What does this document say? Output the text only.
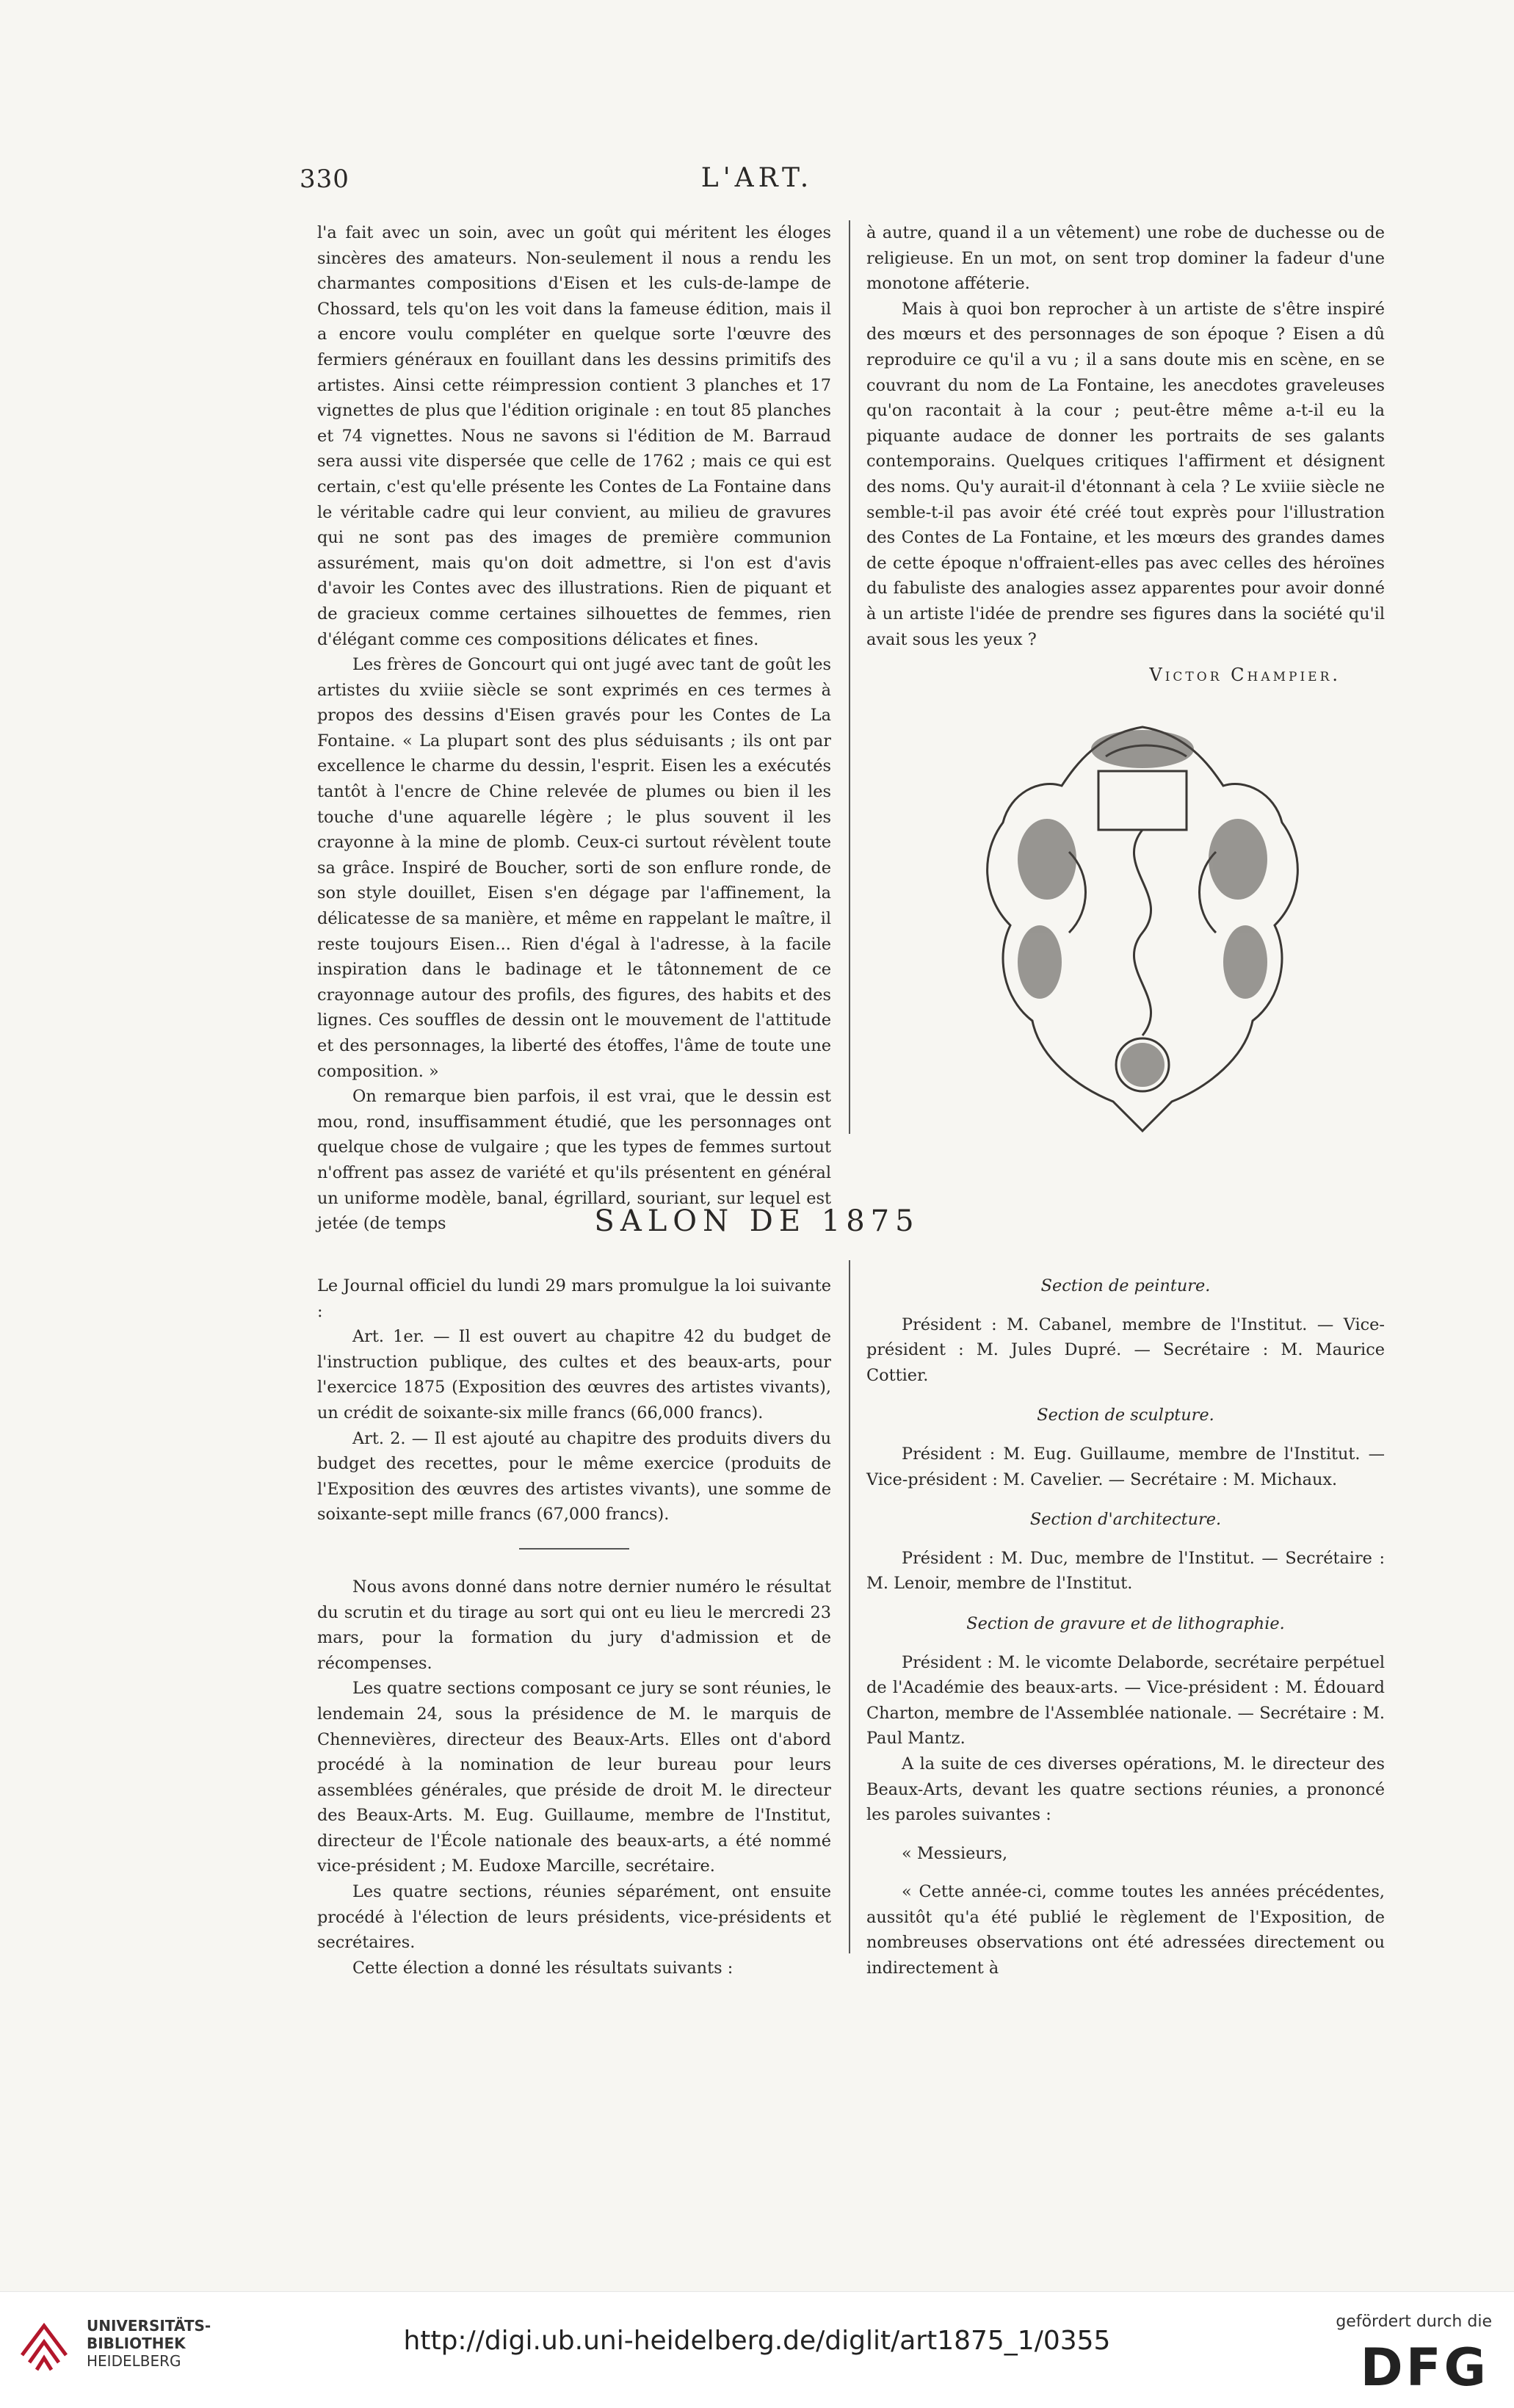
330	L'ART.

l'a fait avec un soin, avec un goût qui méritent les éloges sincères des amateurs. Non-seulement il nous a rendu les charmantes compositions d'Eisen et les culs-de-lampe de Chossard, tels qu'on les voit dans la fameuse édition, mais il a encore voulu compléter en quelque sorte l'œuvre des fermiers généraux en fouillant dans les dessins primitifs des artistes. Ainsi cette réimpression contient 3 planches et 17 vignettes de plus que l'édition originale : en tout 85 planches et 74 vignettes. Nous ne savons si l'édition de M. Barraud sera aussi vite dispersée que celle de 1762 ; mais ce qui est certain, c'est qu'elle présente les Contes de La Fontaine dans le véritable cadre qui leur convient, au milieu de gravures qui ne sont pas des images de première communion assurément, mais qu'on doit admettre, si l'on est d'avis d'avoir les Contes avec des illustrations. Rien de piquant et de gracieux comme certaines silhouettes de femmes, rien d'élégant comme ces compositions délicates et fines.

Les frères de Goncourt qui ont jugé avec tant de goût les artistes du xviiie siècle se sont exprimés en ces termes à propos des dessins d'Eisen gravés pour les Contes de La Fontaine. « La plupart sont des plus séduisants ; ils ont par excellence le charme du dessin, l'esprit. Eisen les a exécutés tantôt à l'encre de Chine relevée de plumes ou bien il les touche d'une aquarelle légère ; le plus souvent il les crayonne à la mine de plomb. Ceux-ci surtout révèlent toute sa grâce. Inspiré de Boucher, sorti de son enflure ronde, de son style douillet, Eisen s'en dégage par l'affinement, la délicatesse de sa manière, et même en rappelant le maître, il reste toujours Eisen... Rien d'égal à l'adresse, à la facile inspiration dans le badinage et le tâtonnement de ce crayonnage autour des profils, des figures, des habits et des lignes. Ces souffles de dessin ont le mouvement de l'attitude et des personnages, la liberté des étoffes, l'âme de toute une composition. »

On remarque bien parfois, il est vrai, que le dessin est mou, rond, insuffisamment étudié, que les personnages ont quelque chose de vulgaire ; que les types de femmes surtout n'offrent pas assez de variété et qu'ils présentent en général un uniforme modèle, banal, égrillard, souriant, sur lequel est jetée (de temps

à autre, quand il a un vêtement) une robe de duchesse ou de religieuse. En un mot, on sent trop dominer la fadeur d'une monotone afféterie.

Mais à quoi bon reprocher à un artiste de s'être inspiré des mœurs et des personnages de son époque ? Eisen a dû reproduire ce qu'il a vu ; il a sans doute mis en scène, en se couvrant du nom de La Fontaine, les anecdotes graveleuses qu'on racontait à la cour ; peut-être même a-t-il eu la piquante audace de donner les portraits de ses galants contemporains. Quelques critiques l'affirment et désignent des noms. Qu'y aurait-il d'étonnant à cela ? Le xviiie siècle ne semble-t-il pas avoir été créé tout exprès pour l'illustration des Contes de La Fontaine, et les mœurs des grandes dames de cette époque n'offraient-elles pas avec celles des héroïnes du fabuliste des analogies assez apparentes pour avoir donné à un artiste l'idée de prendre ses figures dans la société qu'il avait sous les yeux ?

Victor Champier.
SALON DE 1875

Le Journal officiel du lundi 29 mars promulgue la loi suivante :

Art. 1er. — Il est ouvert au chapitre 42 du budget de l'instruction publique, des cultes et des beaux-arts, pour l'exercice 1875 (Exposition des œuvres des artistes vivants), un crédit de soixante-six mille francs (66,000 francs).

Art. 2. — Il est ajouté au chapitre des produits divers du budget des recettes, pour le même exercice (produits de l'Exposition des œuvres des artistes vivants), une somme de soixante-sept mille francs (67,000 francs).

Nous avons donné dans notre dernier numéro le résultat du scrutin et du tirage au sort qui ont eu lieu le mercredi 23 mars, pour la formation du jury d'admission et de récompenses.

Les quatre sections composant ce jury se sont réunies, le lendemain 24, sous la présidence de M. le marquis de Chennevières, directeur des Beaux-Arts. Elles ont d'abord procédé à la nomination de leur bureau pour leurs assemblées générales, que préside de droit M. le directeur des Beaux-Arts. M. Eug. Guillaume, membre de l'Institut, directeur de l'École nationale des beaux-arts, a été nommé vice-président ; M. Eudoxe Marcille, secrétaire.

Les quatre sections, réunies séparément, ont ensuite procédé à l'élection de leurs présidents, vice-présidents et secrétaires.

Cette élection a donné les résultats suivants :

Section de peinture.

Président : M. Cabanel, membre de l'Institut. — Vice-président : M. Jules Dupré. — Secrétaire : M. Maurice Cottier.

Section de sculpture.

Président : M. Eug. Guillaume, membre de l'Institut. — Vice-président : M. Cavelier. — Secrétaire : M. Michaux.

Section d'architecture.

Président : M. Duc, membre de l'Institut. — Secrétaire : M. Lenoir, membre de l'Institut.

Section de gravure et de lithographie.

Président : M. le vicomte Delaborde, secrétaire perpétuel de l'Académie des beaux-arts. — Vice-président : M. Édouard Charton, membre de l'Assemblée nationale. — Secrétaire : M. Paul Mantz.

A la suite de ces diverses opérations, M. le directeur des Beaux-Arts, devant les quatre sections réunies, a prononcé les paroles suivantes :

« Messieurs,

« Cette année-ci, comme toutes les années précédentes, aussitôt qu'a été publié le règlement de l'Exposition, de nombreuses observations ont été adressées directement ou indirectement à

UNIVERSITÄTS-
BIBLIOTHEK
HEIDELBERG
http://digi.ub.uni-heidelberg.de/diglit/art1875_1/0355
gefördert durch die
DFG
